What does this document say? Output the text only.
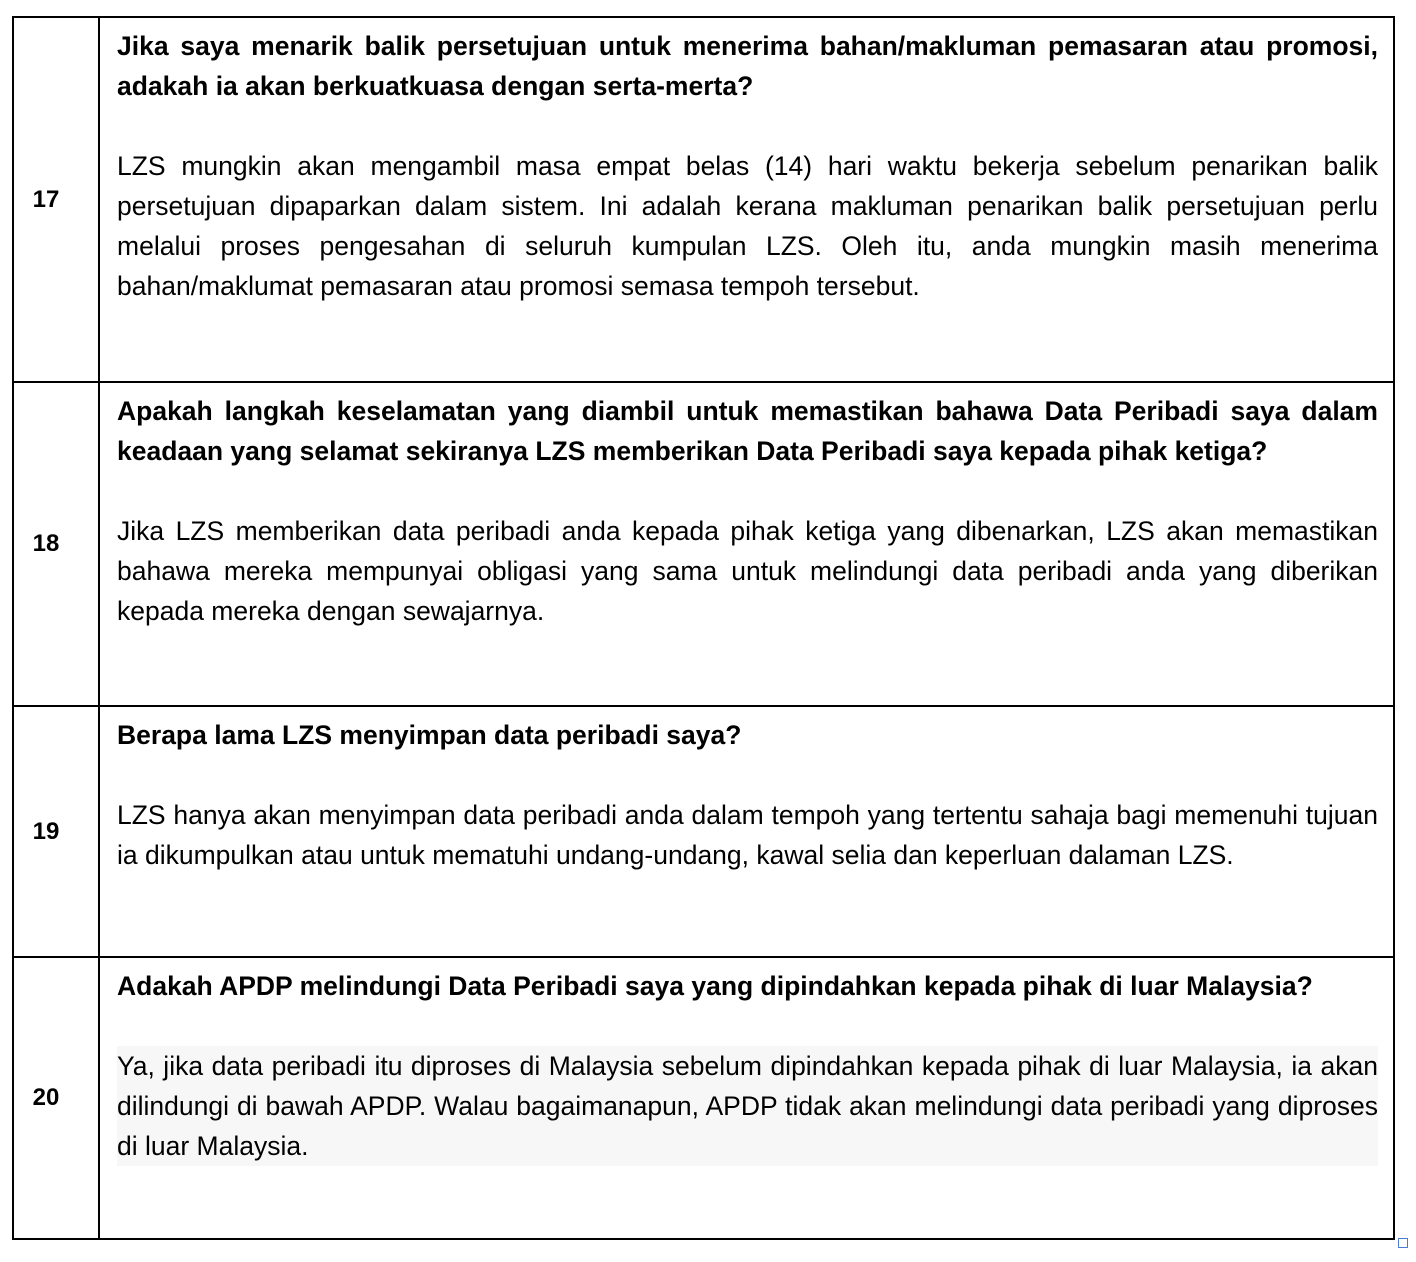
17	Jika saya menarik balik persetujuan untuk menerima bahan/makluman pemasaran atau promosi, adakah ia akan berkuatkuasa dengan serta-merta?

LZS mungkin akan mengambil masa empat belas (14) hari waktu bekerja sebelum penarikan balik persetujuan dipaparkan dalam sistem. Ini adalah kerana makluman penarikan balik persetujuan perlu melalui proses pengesahan di seluruh kumpulan LZS. Oleh itu, anda mungkin masih menerima bahan/maklumat pemasaran atau promosi semasa tempoh tersebut.

18	Apakah langkah keselamatan yang diambil untuk memastikan bahawa Data Peribadi saya dalam keadaan yang selamat sekiranya LZS memberikan Data Peribadi saya kepada pihak ketiga?

Jika LZS memberikan data peribadi anda kepada pihak ketiga yang dibenarkan, LZS akan memastikan bahawa mereka mempunyai obligasi yang sama untuk melindungi data peribadi anda yang diberikan kepada mereka dengan sewajarnya.

19	Berapa lama LZS menyimpan data peribadi saya?

LZS hanya akan menyimpan data peribadi anda dalam tempoh yang tertentu sahaja bagi memenuhi tujuan ia dikumpulkan atau untuk mematuhi undang-undang, kawal selia dan keperluan dalaman LZS.

20	Adakah APDP melindungi Data Peribadi saya yang dipindahkan kepada pihak di luar Malaysia?

Ya, jika data peribadi itu diproses di Malaysia sebelum dipindahkan kepada pihak di luar Malaysia, ia akan dilindungi di bawah APDP. Walau bagaimanapun, APDP tidak akan melindungi data peribadi yang diproses di luar Malaysia.
